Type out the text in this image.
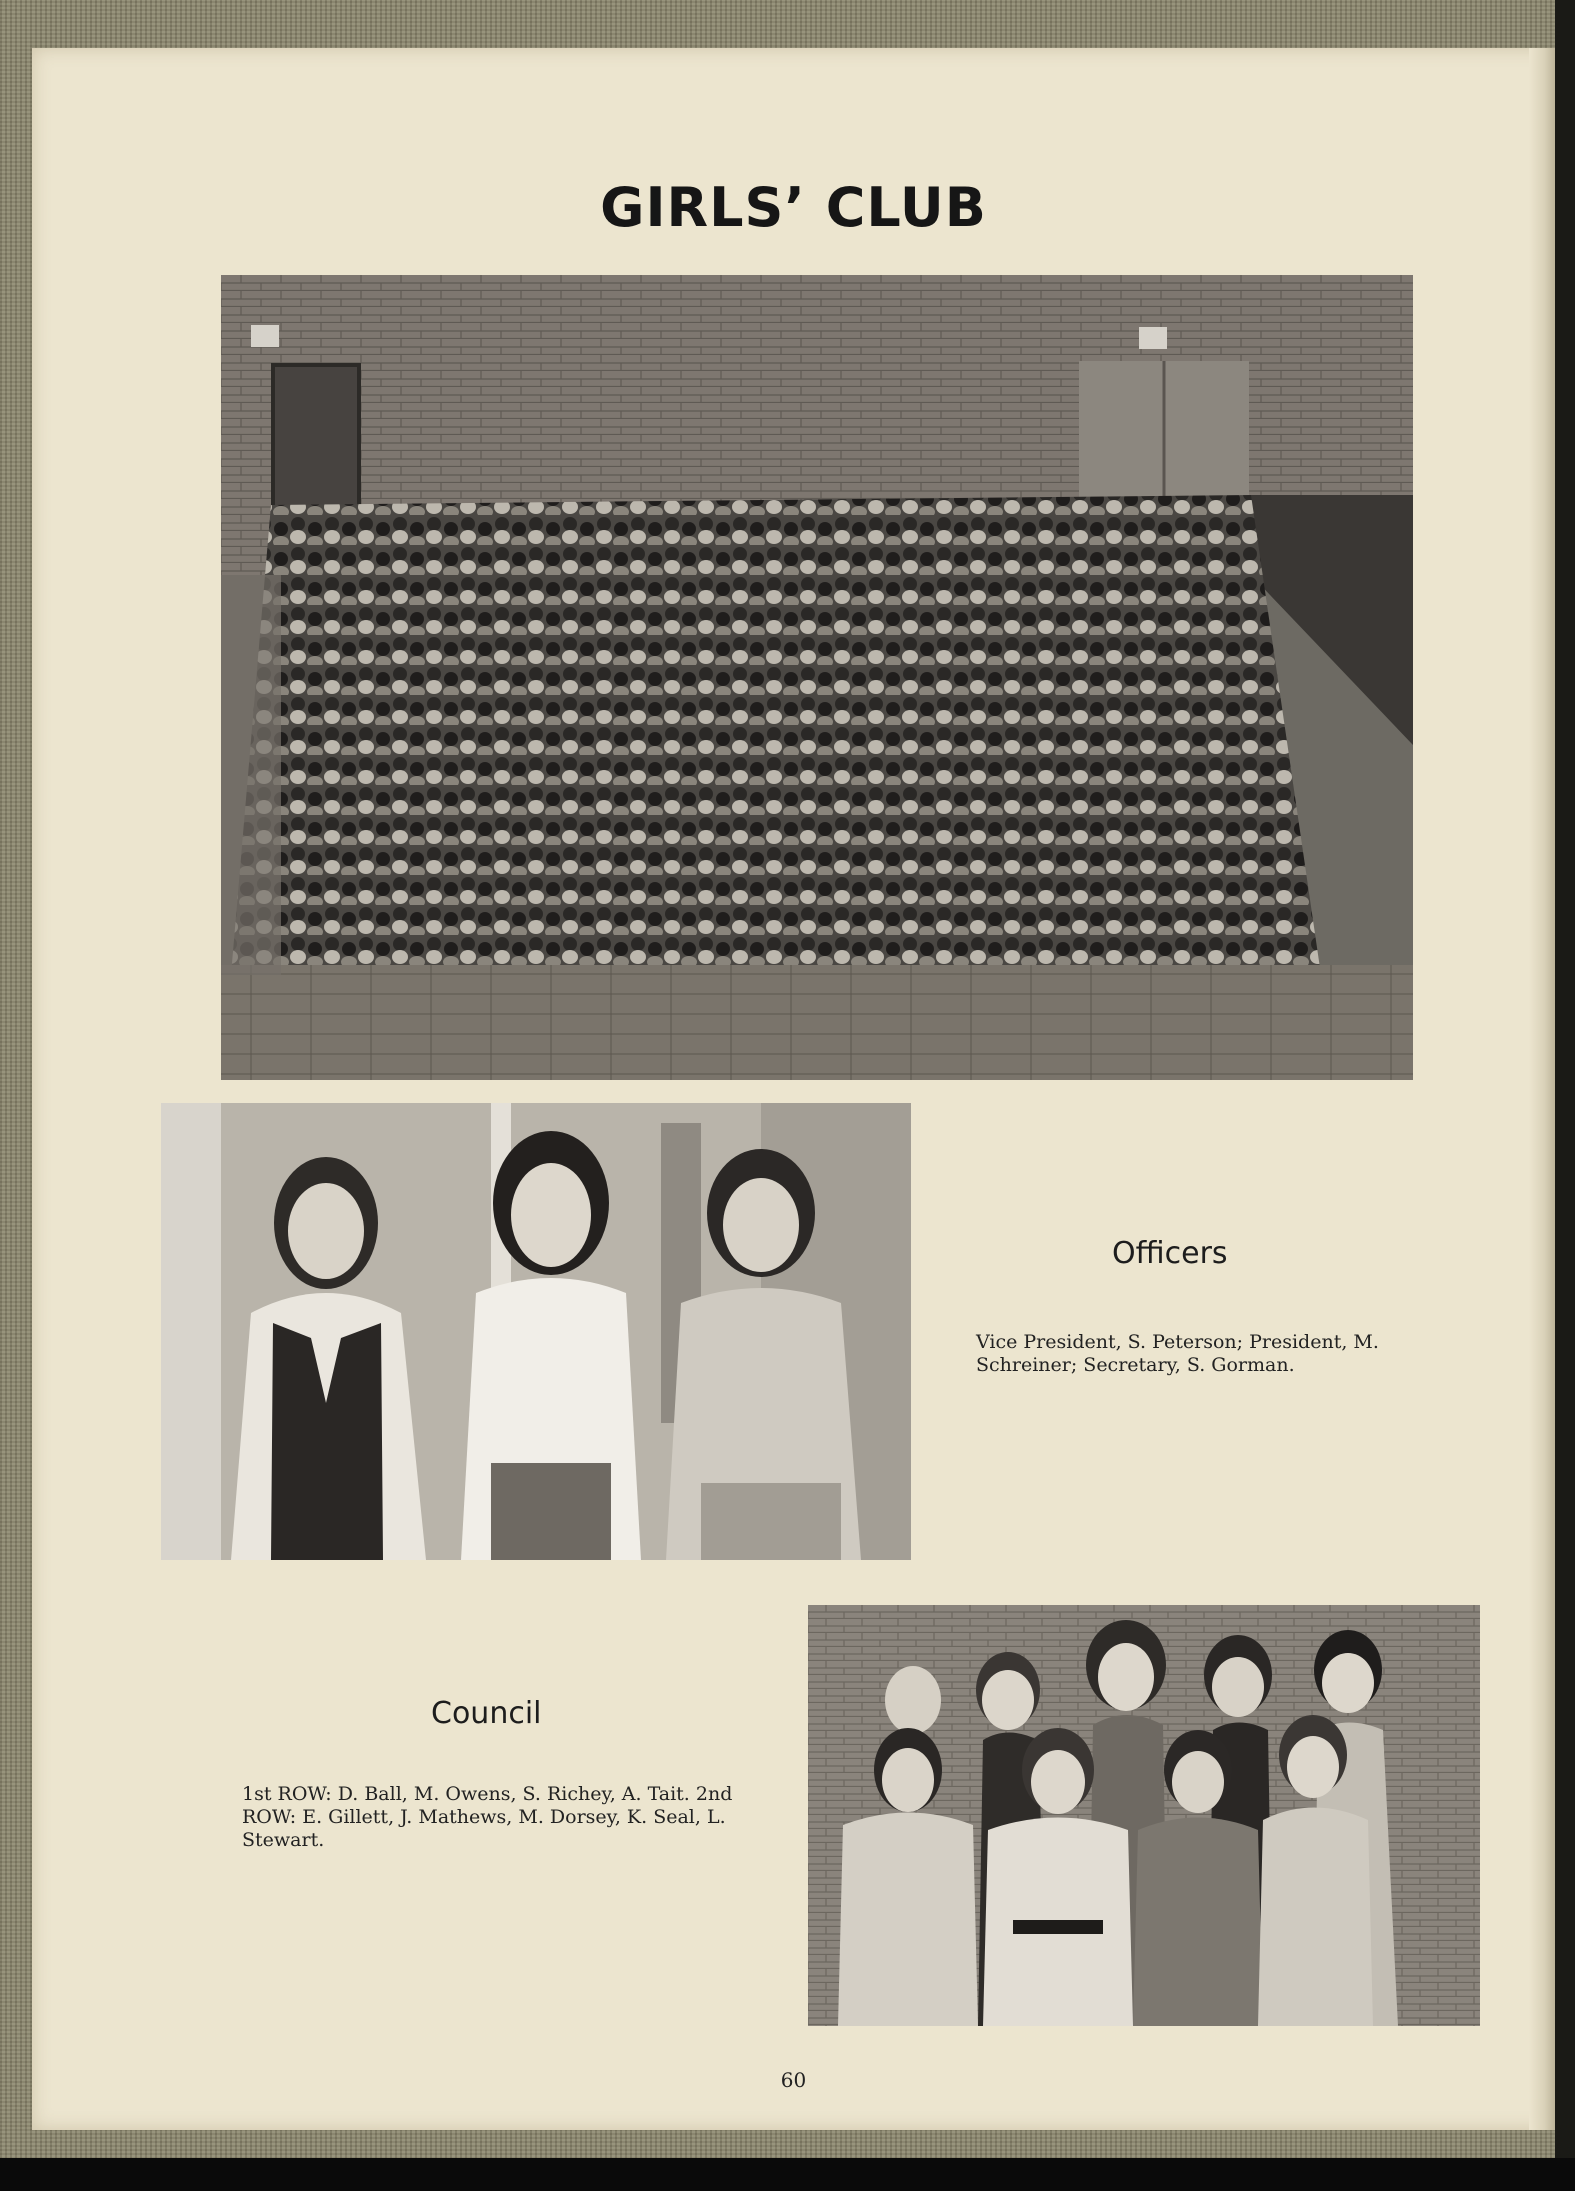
GIRLS’ CLUB
Officers
Vice President, S. Peterson; President, M. Schreiner; Secretary, S. Gorman.
Council
1st ROW: D. Ball, M. Owens, S. Richey, A. Tait. 2nd ROW: E. Gillett, J. Mathews, M. Dorsey, K. Seal, L. Stewart.
60
